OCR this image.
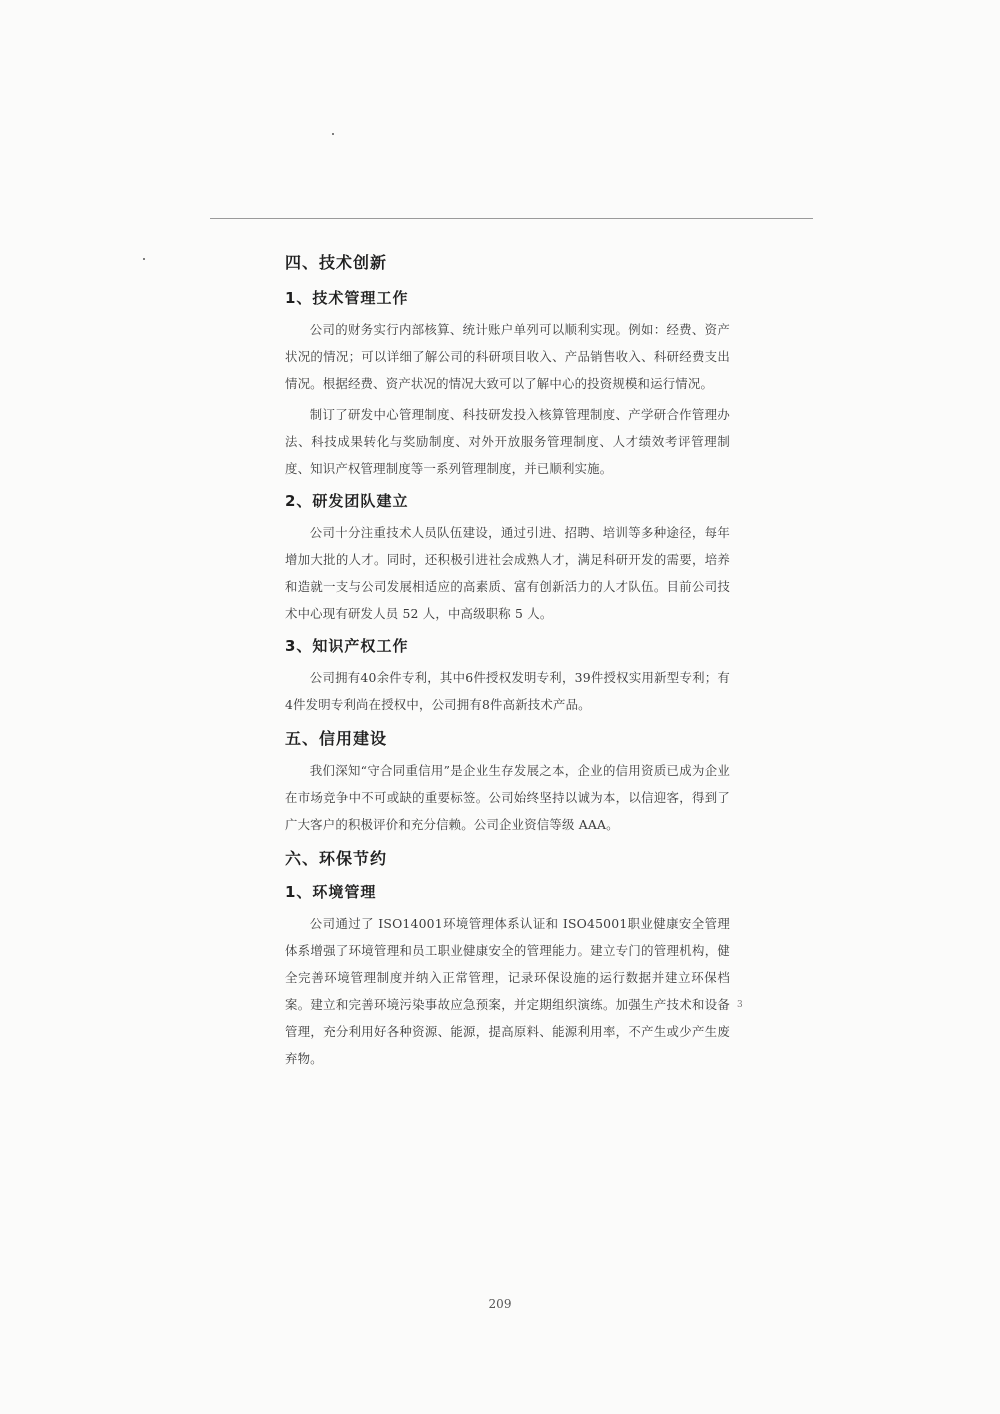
四、技术创新
1、技术管理工作

公司的财务实行内部核算、统计账户单列可以顺利实现。例如：经费、资产状况的情况；可以详细了解公司的科研项目收入、产品销售收入、科研经费支出情况。根据经费、资产状况的情况大致可以了解中心的投资规模和运行情况。

制订了研发中心管理制度、科技研发投入核算管理制度、产学研合作管理办法、科技成果转化与奖励制度、对外开放服务管理制度、人才绩效考评管理制度、知识产权管理制度等一系列管理制度，并已顺利实施。

2、研发团队建立

公司十分注重技术人员队伍建设，通过引进、招聘、培训等多种途径，每年增加大批的人才。同时，还积极引进社会成熟人才，满足科研开发的需要，培养和造就一支与公司发展相适应的高素质、富有创新活力的人才队伍。目前公司技术中心现有研发人员 52 人，中高级职称 5 人。

3、知识产权工作

公司拥有40余件专利，其中6件授权发明专利，39件授权实用新型专利；有4件发明专利尚在授权中，公司拥有8件高新技术产品。

五、信用建设

我们深知“守合同重信用”是企业生存发展之本，企业的信用资质已成为企业在市场竞争中不可或缺的重要标签。公司始终坚持以诚为本，以信迎客，得到了广大客户的积极评价和充分信赖。公司企业资信等级 AAA。

六、环保节约
1、环境管理

公司通过了 ISO14001环境管理体系认证和 ISO45001职业健康安全管理体系增强了环境管理和员工职业健康安全的管理能力。建立专门的管理机构，健全完善环境管理制度并纳入正常管理，记录环保设施的运行数据并建立环保档案。建立和完善环境污染事故应急预案，并定期组织演练。加强生产技术和设备管理，充分利用好各种资源、能源，提高原料、能源利用率，不产生或少产生废弃物。

3
209
